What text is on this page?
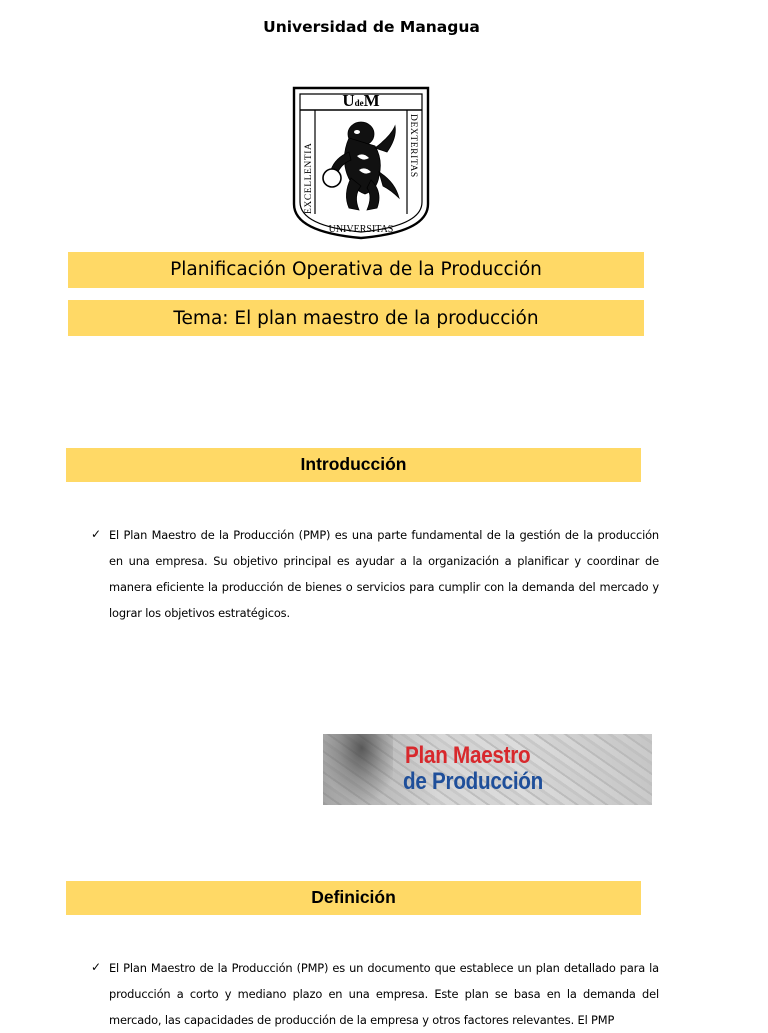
Universidad de Managua
UdeM
EXCELLENTIA	DEXTERITAS
UNIVERSITAS
Planificación Operativa de la Producción
Tema: El plan maestro de la producción
Introducción
✓ El Plan Maestro de la Producción (PMP) es una parte fundamental de la gestión de la producción en una empresa. Su objetivo principal es ayudar a la organización a planificar y coordinar de manera eficiente la producción de bienes o servicios para cumplir con la demanda del mercado y lograr los objetivos estratégicos.
Plan Maestro
de Producción
Definición
✓ El Plan Maestro de la Producción (PMP) es un documento que establece un plan detallado para la producción a corto y mediano plazo en una empresa. Este plan se basa en la demanda del mercado, las capacidades de producción de la empresa y otros factores relevantes. El PMP
